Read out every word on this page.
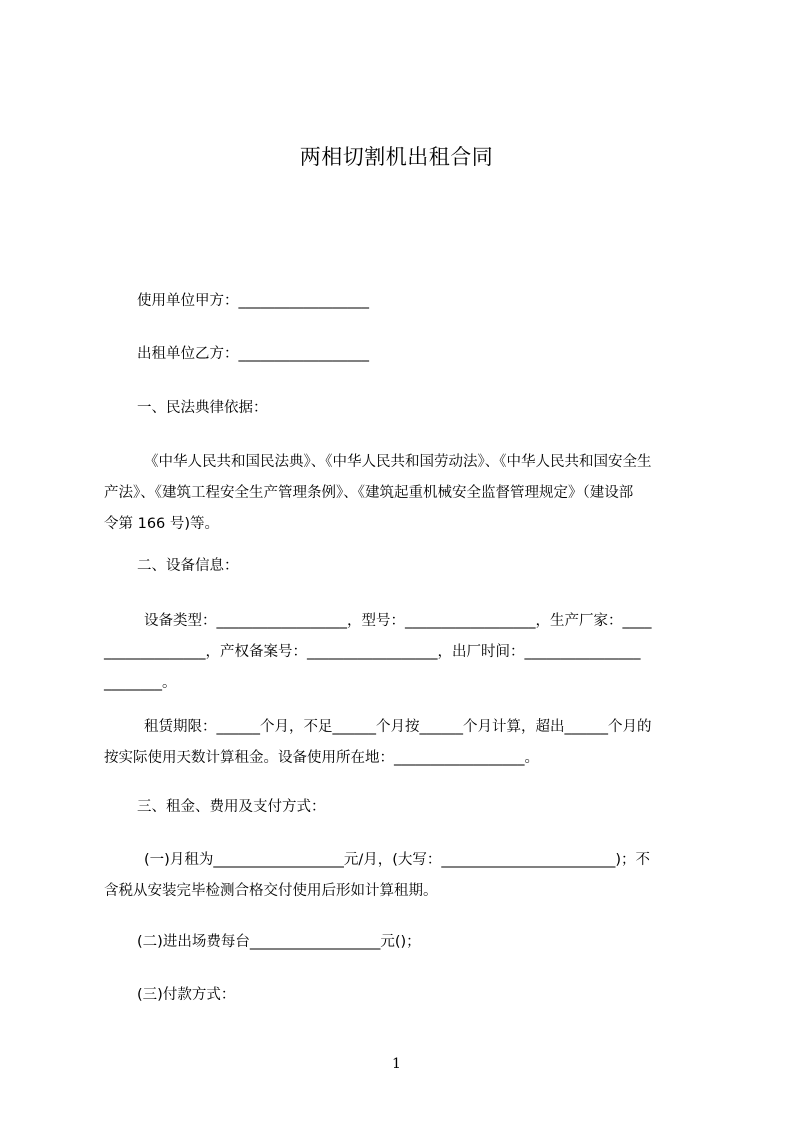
两相切割机出租合同
使用单位甲方：__________________
出租单位乙方：__________________
一、民法典律依据：
《中华人民共和国民法典》、《中华人民共和国劳动法》、《中华人民共和国安全生
产法》、《建筑工程安全生产管理条例》、《建筑起重机械安全监督管理规定》（建设部
令第 166 号)等。
二、设备信息：
设备类型：__________________，型号：__________________，生产厂家：____
______________，产权备案号：__________________，出厂时间：________________
________。
租赁期限：______个月，不足______个月按______个月计算，超出______个月的
按实际使用天数计算租金。设备使用所在地：__________________。
三、租金、费用及支付方式：
(一)月租为__________________元/月，(大写：________________________)；不
含税从安装完毕检测合格交付使用后形如计算租期。
(二)进出场费每台__________________元()；
(三)付款方式：
1
